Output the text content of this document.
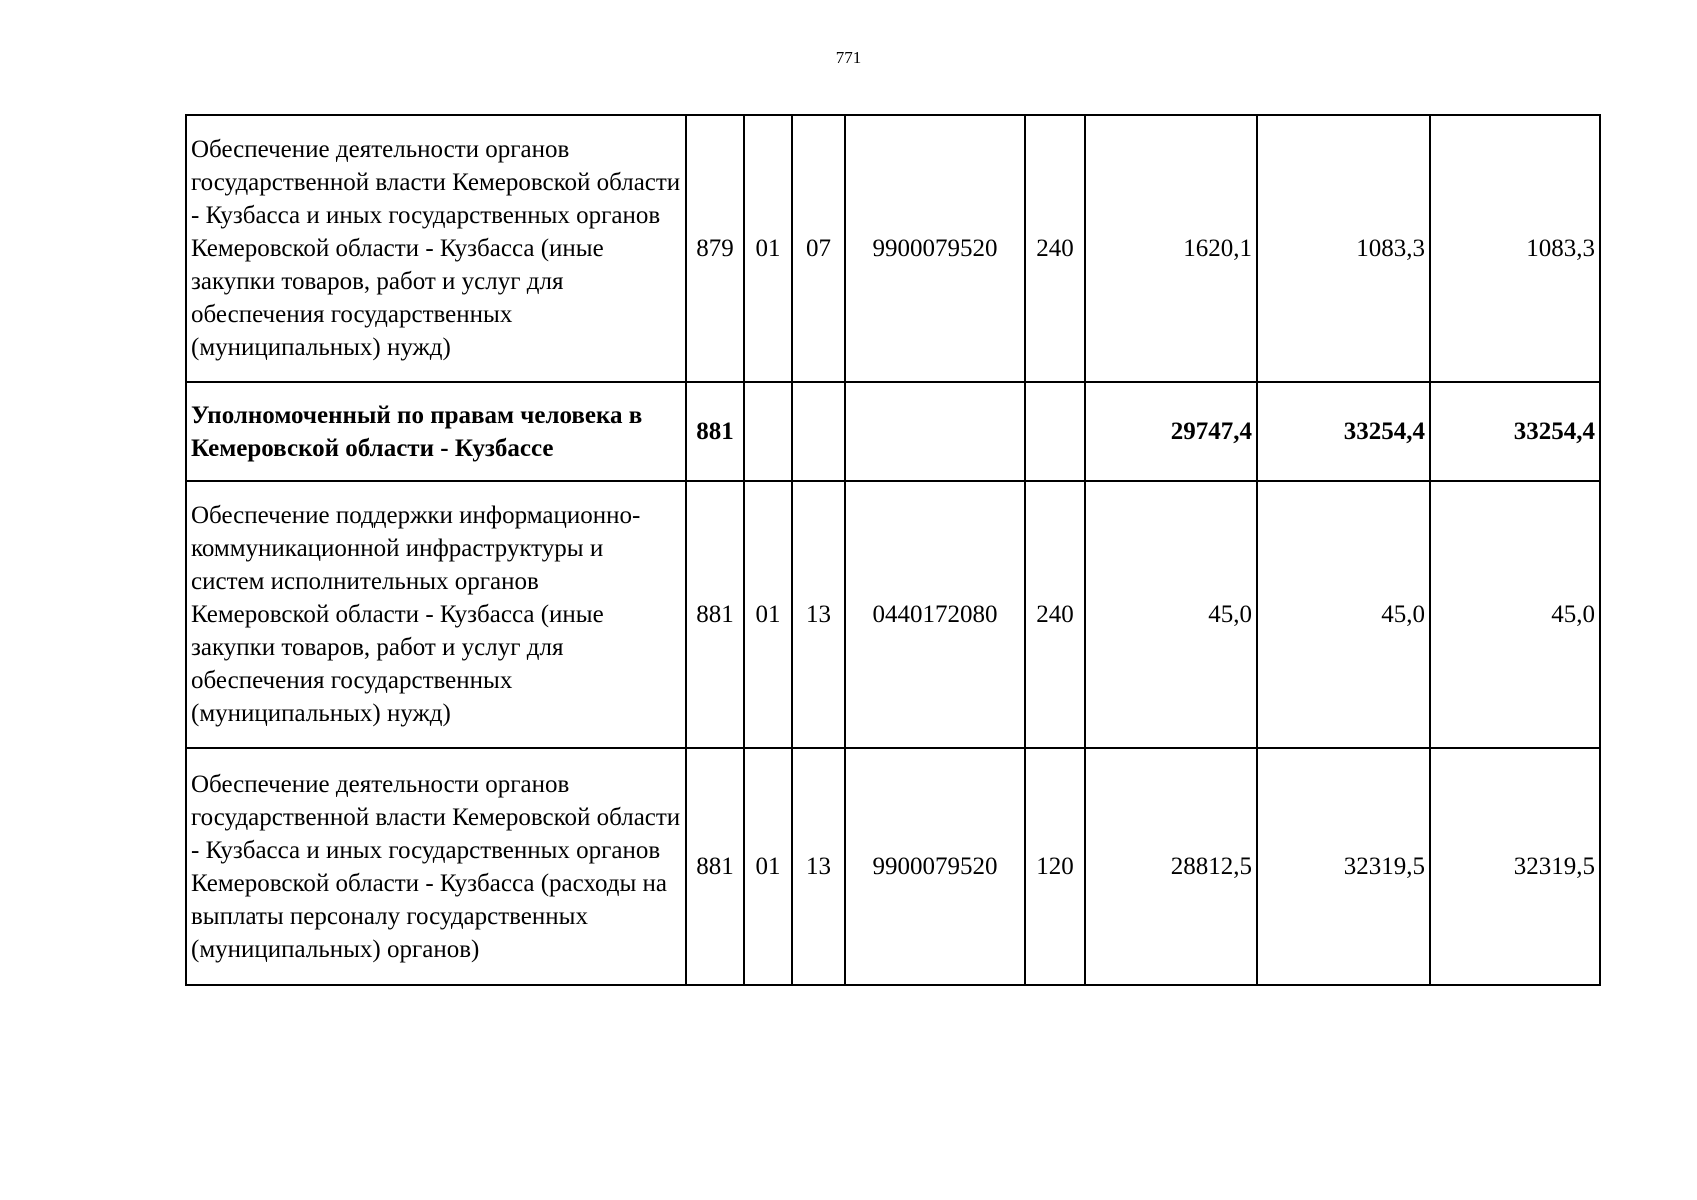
771
Обеспечение деятельности органов государственной власти Кемеровской области - Кузбасса и иных государственных органов Кемеровской области - Кузбасса (иные закупки товаров, работ и услуг для обеспечения государственных (муниципальных) нужд)	879	01	07	9900079520	240	1620,1	1083,3	1083,3
Уполномоченный по правам человека в Кемеровской области - Кузбассе	881					29747,4	33254,4	33254,4
Обеспечение поддержки информационно-коммуникационной инфраструктуры и систем исполнительных органов Кемеровской области - Кузбасса (иные закупки товаров, работ и услуг для обеспечения государственных (муниципальных) нужд)	881	01	13	0440172080	240	45,0	45,0	45,0
Обеспечение деятельности органов государственной власти Кемеровской области - Кузбасса и иных государственных органов Кемеровской области - Кузбасса (расходы на выплаты персоналу государственных (муниципальных) органов)	881	01	13	9900079520	120	28812,5	32319,5	32319,5
